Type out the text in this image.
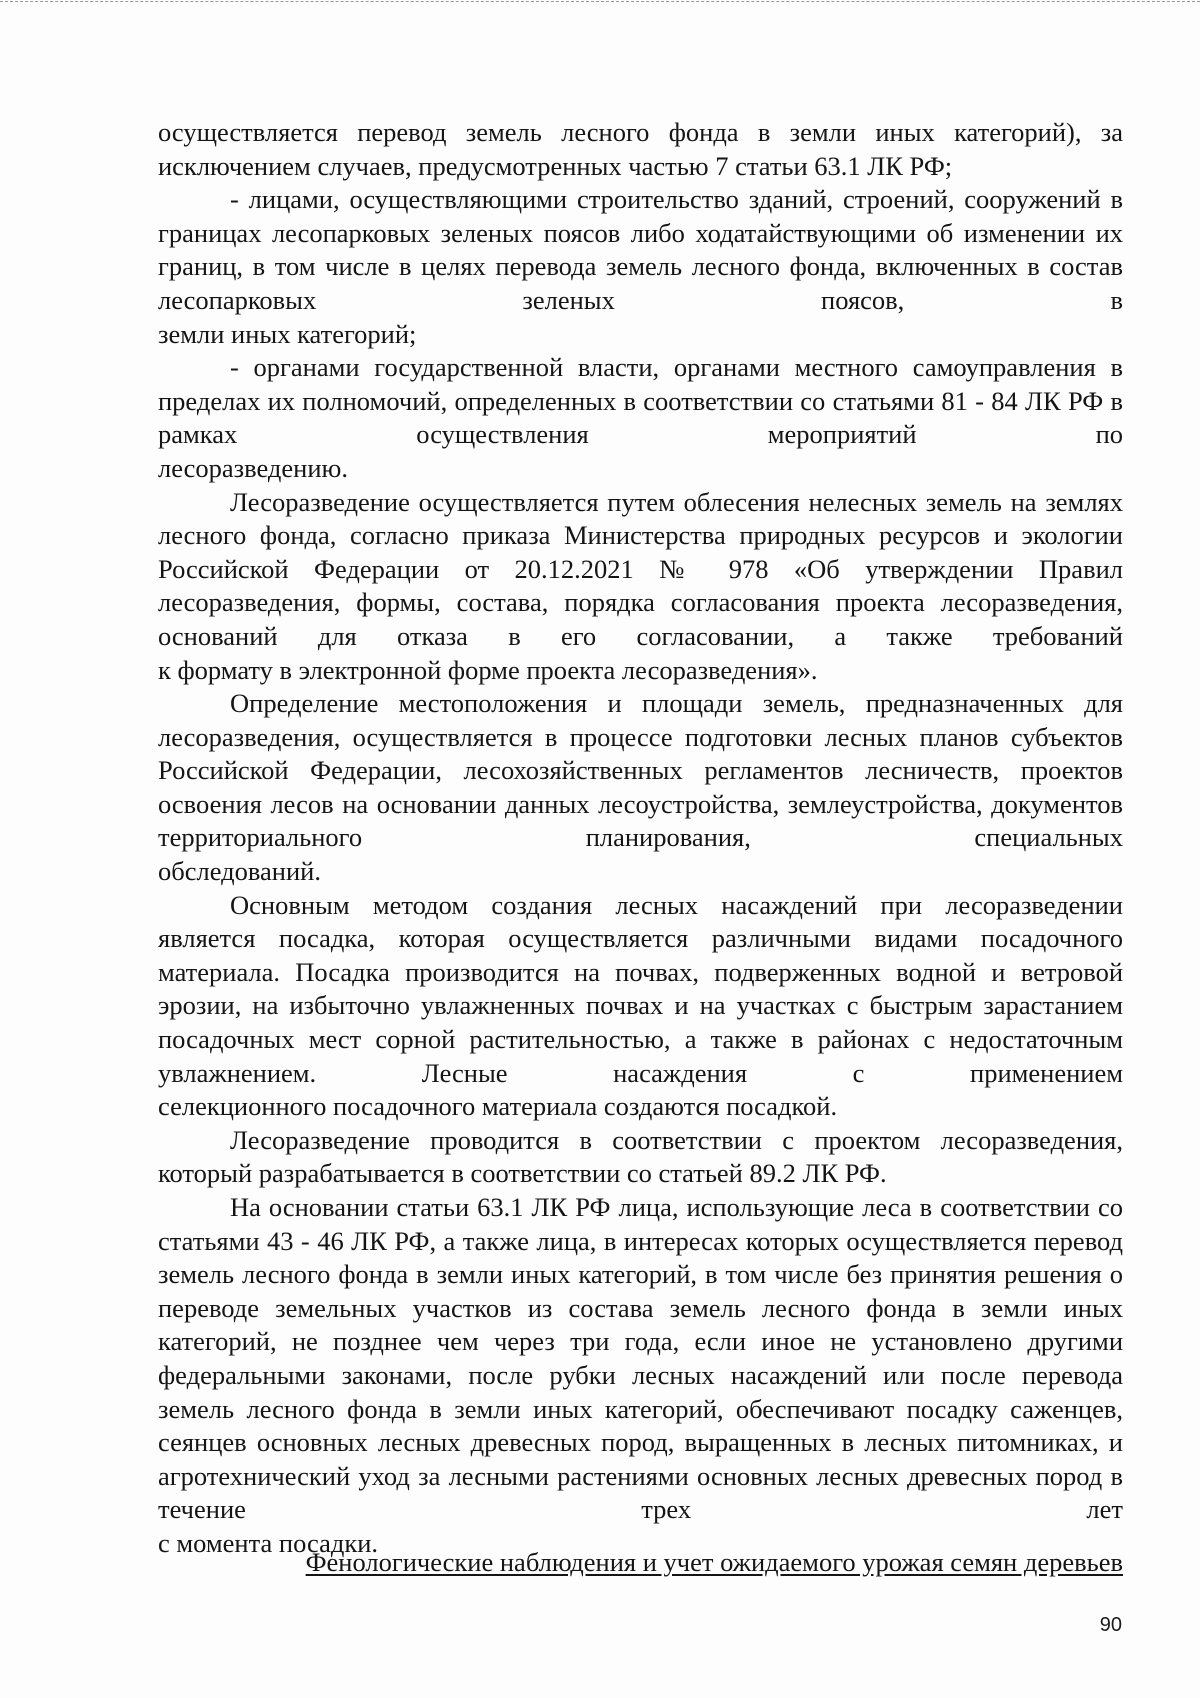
осуществляется перевод земель лесного фонда в земли иных категорий), за
исключением случаев, предусмотренных частью 7 статьи 63.1 ЛК РФ;

- лицами, осуществляющими строительство зданий, строений, сооружений в границах лесопарковых зеленых поясов либо ходатайствующими об изменении их границ, в том числе в целях перевода земель лесного фонда, включенных в состав лесопарковых зеленых поясов, в
земли иных категорий;

- органами государственной власти, органами местного самоуправления в пределах их полномочий, определенных в соответствии со статьями 81 - 84 ЛК РФ в рамках осуществления мероприятий по
лесоразведению.

Лесоразведение осуществляется путем облесения нелесных земель на землях лесного фонда, согласно приказа Министерства природных ресурсов и экологии Российской Федерации от 20.12.2021 № 978 «Об утверждении Правил лесоразведения, формы, состава, порядка согласования проекта лесоразведения, оснований для отказа в его согласовании, а также требований
к формату в электронной форме проекта лесоразведения».

Определение местоположения и площади земель, предназначенных для лесоразведения, осуществляется в процессе подготовки лесных планов субъектов Российской Федерации, лесохозяйственных регламентов лесничеств, проектов освоения лесов на основании данных лесоустройства, землеустройства, документов территориального планирования, специальных
обследований.

Основным методом создания лесных насаждений при лесоразведении является посадка, которая осуществляется различными видами посадочного материала. Посадка производится на почвах, подверженных водной и ветровой эрозии, на избыточно увлажненных почвах и на участках с быстрым зарастанием посадочных мест сорной растительностью, а также в районах с недостаточным увлажнением. Лесные насаждения с применением
селекционного посадочного материала создаются посадкой.

Лесоразведение проводится в соответствии с проектом лесоразведения,
который разрабатывается в соответствии со статьей 89.2 ЛК РФ.

На основании статьи 63.1 ЛК РФ лица, использующие леса в соответствии со статьями 43 - 46 ЛК РФ, а также лица, в интересах которых осуществляется перевод земель лесного фонда в земли иных категорий, в том числе без принятия решения о переводе земельных участков из состава земель лесного фонда в земли иных категорий, не позднее чем через три года, если иное не установлено другими федеральными законами, после рубки лесных насаждений или после перевода земель лесного фонда в земли иных категорий, обеспечивают посадку саженцев, сеянцев основных лесных древесных пород, выращенных в лесных питомниках, и агротехнический уход за лесными растениями основных лесных древесных пород в течение трех лет
с момента посадки.

Фенологические наблюдения и учет ожидаемого урожая семян деревьев
90
